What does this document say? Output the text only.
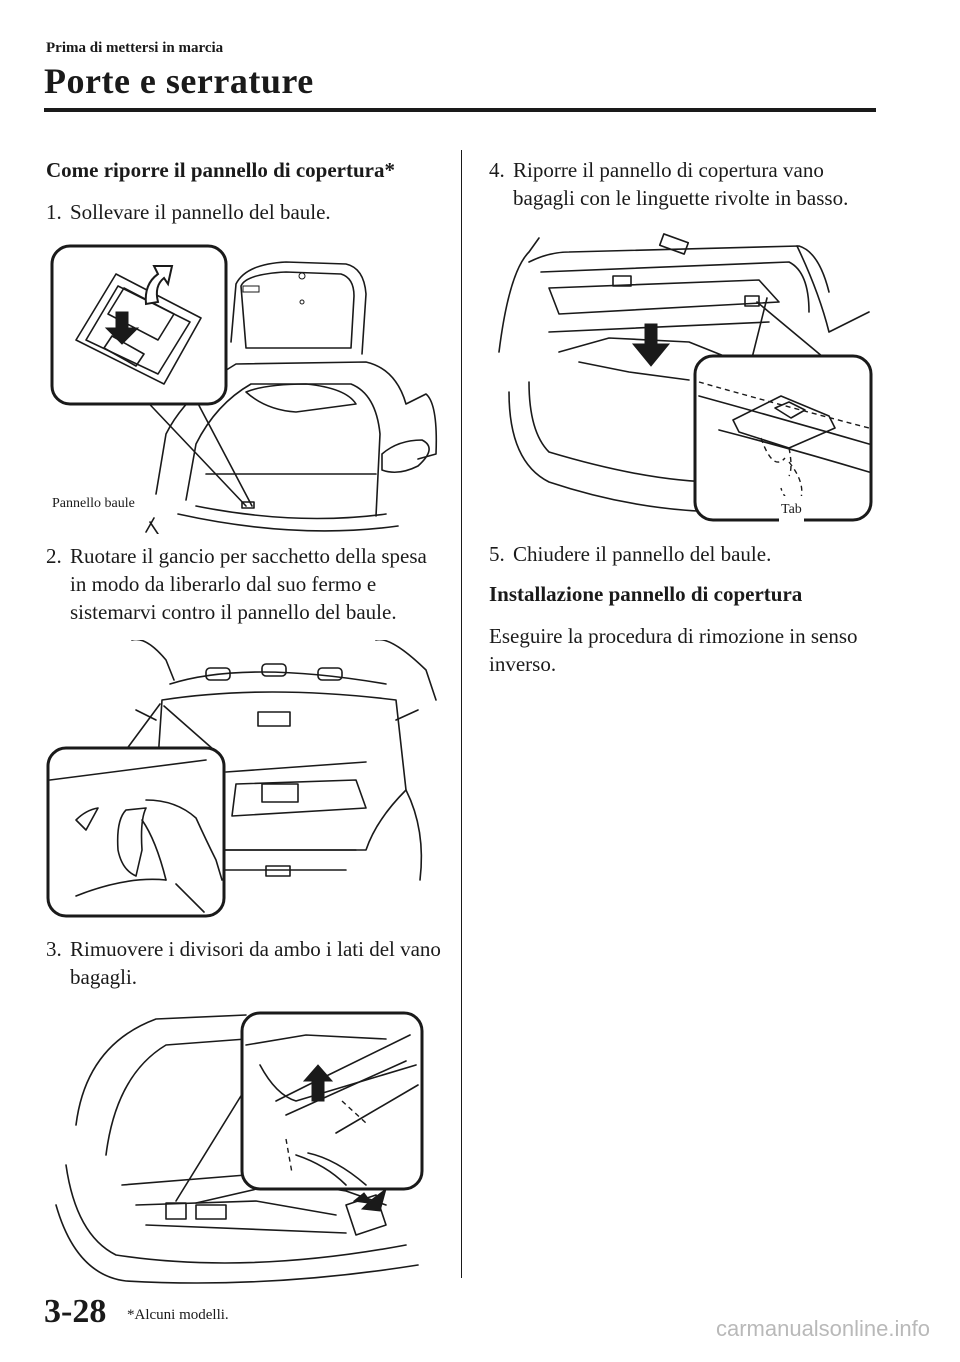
Prima di mettersi in marcia
Porte e serrature
Come riporre il pannello di copertura*
1. Sollevare il pannello del baule.
Pannello baule
2. Ruotare il gancio per sacchetto della spesa in modo da liberarlo dal suo fermo e sistemarvi contro il pannello del baule.
3. Rimuovere i divisori da ambo i lati del vano bagagli.
4. Riporre il pannello di copertura vano bagagli con le linguette rivolte in basso.
Tab
5. Chiudere il pannello del baule.
Installazione pannello di copertura
Eseguire la procedura di rimozione in senso inverso.
3-28 *Alcuni modelli.
carmanualsonline.info
